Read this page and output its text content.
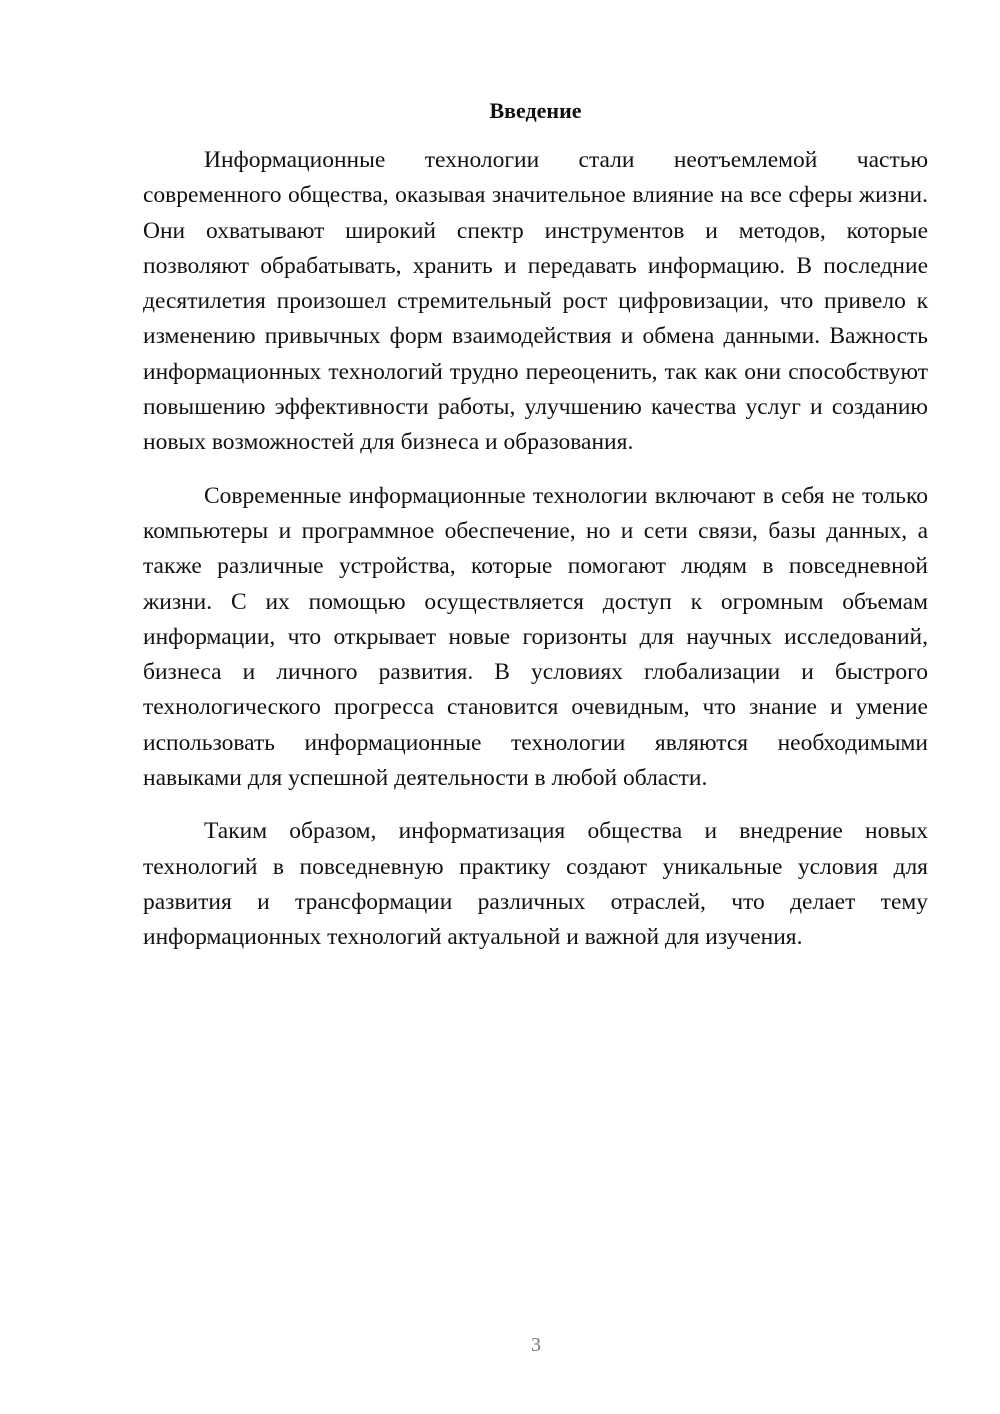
Введение

Информационные технологии стали неотъемлемой частью современного общества, оказывая значительное влияние на все сферы жизни. Они охватывают широкий спектр инструментов и методов, которые позволяют обрабатывать, хранить и передавать информацию. В последние десятилетия произошел стремительный рост цифровизации, что привело к изменению привычных форм взаимодействия и обмена данными. Важность информационных технологий трудно переоценить, так как они способствуют повышению эффективности работы, улучшению качества услуг и созданию новых возможностей для бизнеса и образования.

Современные информационные технологии включают в себя не только компьютеры и программное обеспечение, но и сети связи, базы данных, а также различные устройства, которые помогают людям в повседневной жизни. С их помощью осуществляется доступ к огромным объемам информации, что открывает новые горизонты для научных исследований, бизнеса и личного развития. В условиях глобализации и быстрого технологического прогресса становится очевидным, что знание и умение использовать информационные технологии являются необходимыми навыками для успешной деятельности в любой области.

Таким образом, информатизация общества и внедрение новых технологий в повседневную практику создают уникальные условия для развития и трансформации различных отраслей, что делает тему информационных технологий актуальной и важной для изучения.

3
